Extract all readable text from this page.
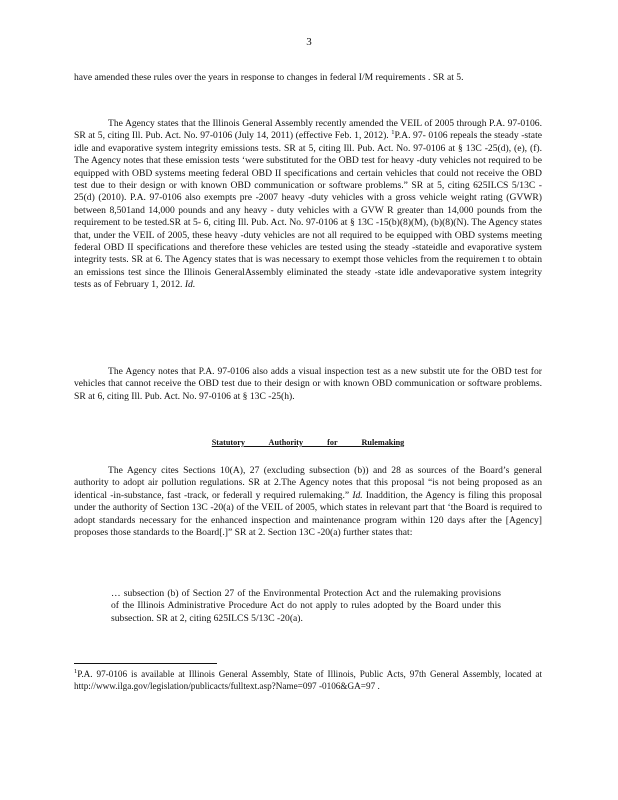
3

have amended these rules over the years in response to changes in federal I/M requirements . SR at 5.

The Agency states that the Illinois General Assembly recently amended the VEIL of 2005 through P.A. 97-0106. SR at 5, citing Ill. Pub. Act. No. 97-0106 (July 14, 2011) (effective Feb. 1, 2012). $^1$P.A. 97- 0106 repeals the steady -state idle and evaporative system integrity emissions tests. SR at 5, citing Ill. Pub. Act. No. 97-0106 at § 13C -25(d), (e), (f). The Agency notes that these emission tests ‘were substituted for the OBD test for heavy -duty vehicles not required to be equipped with OBD systems meeting federal OBD II specifications and certain vehicles that could not receive the OBD test due to their design or with known OBD communication or software problems.” SR at 5, citing 625ILCS 5/13C - 25(d) (2010). P.A. 97-0106 also exempts pre -2007 heavy -duty vehicles with a gross vehicle weight rating (GVWR) between 8,501and 14,000 pounds and any heavy - duty vehicles with a GVW R greater than 14,000 pounds from the requirement to be tested.SR at 5- 6, citing Ill. Pub. Act. No. 97-0106 at § 13C -15(b)(8)(M), (b)(8)(N). The Agency states that, under the VEIL of 2005, these heavy -duty vehicles are not all required to be equipped with OBD systems meeting federal OBD II specifications and therefore these vehicles are tested using the steady -stateidle and evaporative system integrity tests. SR at 6. The Agency states that is was necessary to exempt those vehicles from the requiremen t to obtain an emissions test since the Illinois GeneralAssembly eliminated the steady -state idle andevaporative system integrity tests as of February 1, 2012. Id.

The Agency notes that P.A. 97-0106 also adds a visual inspection test as a new substit ute for the OBD test for vehicles that cannot receive the OBD test due to their design or with known OBD communication or software problems. SR at 6, citing Ill. Pub. Act. No. 97-0106 at § 13C -25(h).

Statutory Authority for Rulemaking

The Agency cites Sections 10(A), 27 (excluding subsection (b)) and 28 as sources of the Board’s general authority to adopt air pollution regulations. SR at 2.The Agency notes that this proposal “is not being proposed as an identical -in-substance, fast -track, or federall y required rulemaking.” Id. Inaddition, the Agency is filing this proposal under the authority of Section 13C -20(a) of the VEIL of 2005, which states in relevant part that ‘the Board is required to adopt standards necessary for the enhanced inspection and maintenance program within 120 days after the [Agency] proposes those standards to the Board[.]” SR at 2. Section 13C -20(a) further states that:

… subsection (b) of Section 27 of the Environmental Protection Act and the rulemaking provisions of the Illinois Administrative Procedure Act do not apply to rules adopted by the Board under this subsection. SR at 2, citing 625ILCS 5/13C -20(a).

$^1$P.A. 97-0106 is available at Illinois General Assembly, State of Illinois, Public Acts, 97th General Assembly, located at http://www.ilga.gov/legislation/publicacts/fulltext.asp?Name=097 -0106&GA=97 .
